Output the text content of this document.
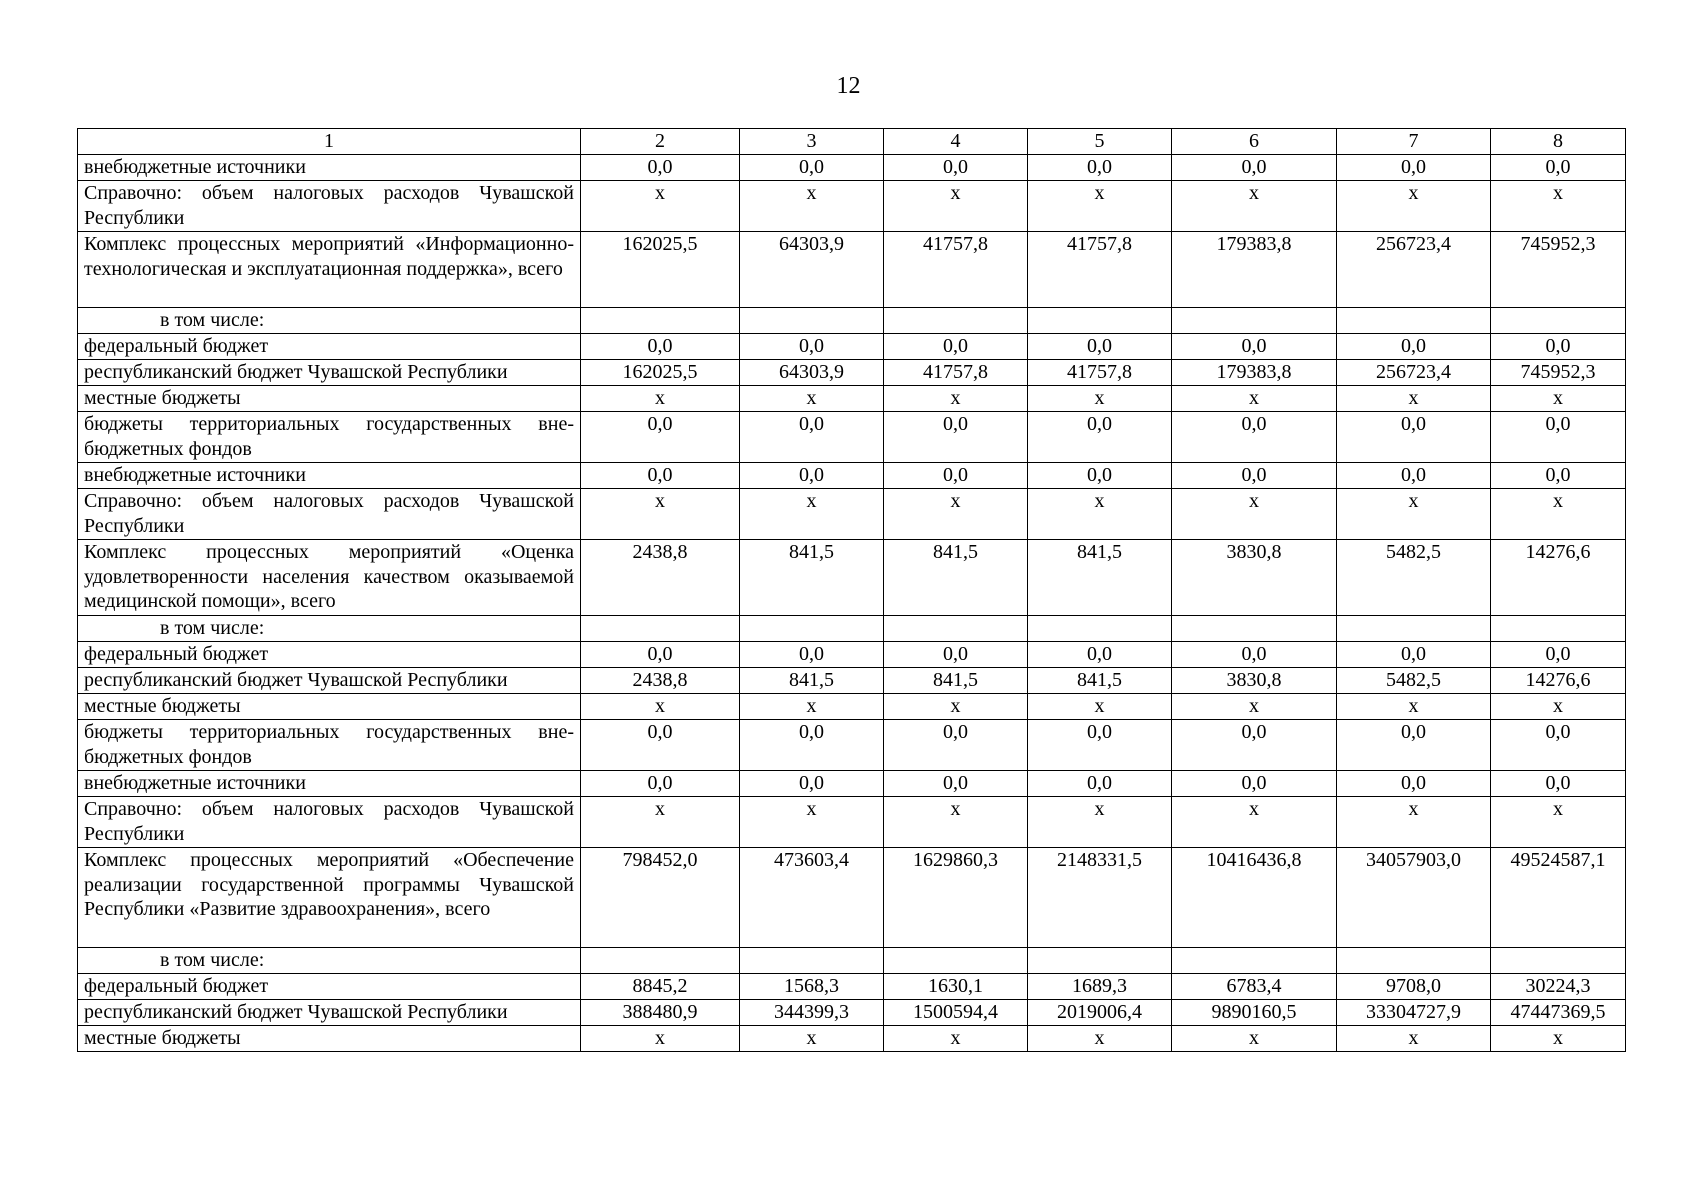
12
1	2	3	4	5	6	7	8
внебюджетные источники	0,0	0,0	0,0	0,0	0,0	0,0	0,0
Справочно: объем налоговых расходов Чувашской Республики	х	х	х	х	х	х	х
Комплекс процессных мероприятий «Информационно-технологическая и эксплуатационная поддержка», всего	162025,5	64303,9	41757,8	41757,8	179383,8	256723,4	745952,3
в том числе:							
федеральный бюджет	0,0	0,0	0,0	0,0	0,0	0,0	0,0
республиканский бюджет Чувашской Республики	162025,5	64303,9	41757,8	41757,8	179383,8	256723,4	745952,3
местные бюджеты	х	х	х	х	х	х	х
бюджеты территориальных государственных внебюджетных фондов	0,0	0,0	0,0	0,0	0,0	0,0	0,0
внебюджетные источники	0,0	0,0	0,0	0,0	0,0	0,0	0,0
Справочно: объем налоговых расходов Чувашской Республики	х	х	х	х	х	х	х
Комплекс процессных мероприятий «Оценка удовлетворенности населения качеством оказываемой медицинской помощи», всего	2438,8	841,5	841,5	841,5	3830,8	5482,5	14276,6
в том числе:							
федеральный бюджет	0,0	0,0	0,0	0,0	0,0	0,0	0,0
республиканский бюджет Чувашской Республики	2438,8	841,5	841,5	841,5	3830,8	5482,5	14276,6
местные бюджеты	х	х	х	х	х	х	х
бюджеты территориальных государственных внебюджетных фондов	0,0	0,0	0,0	0,0	0,0	0,0	0,0
внебюджетные источники	0,0	0,0	0,0	0,0	0,0	0,0	0,0
Справочно: объем налоговых расходов Чувашской Республики	х	х	х	х	х	х	х
Комплекс процессных мероприятий «Обеспечение реализации государственной программы Чувашской Республики «Развитие здравоохранения», всего	798452,0	473603,4	1629860,3	2148331,5	10416436,8	34057903,0	49524587,1
в том числе:							
федеральный бюджет	8845,2	1568,3	1630,1	1689,3	6783,4	9708,0	30224,3
республиканский бюджет Чувашской Республики	388480,9	344399,3	1500594,4	2019006,4	9890160,5	33304727,9	47447369,5
местные бюджеты	х	х	х	х	х	х	х
